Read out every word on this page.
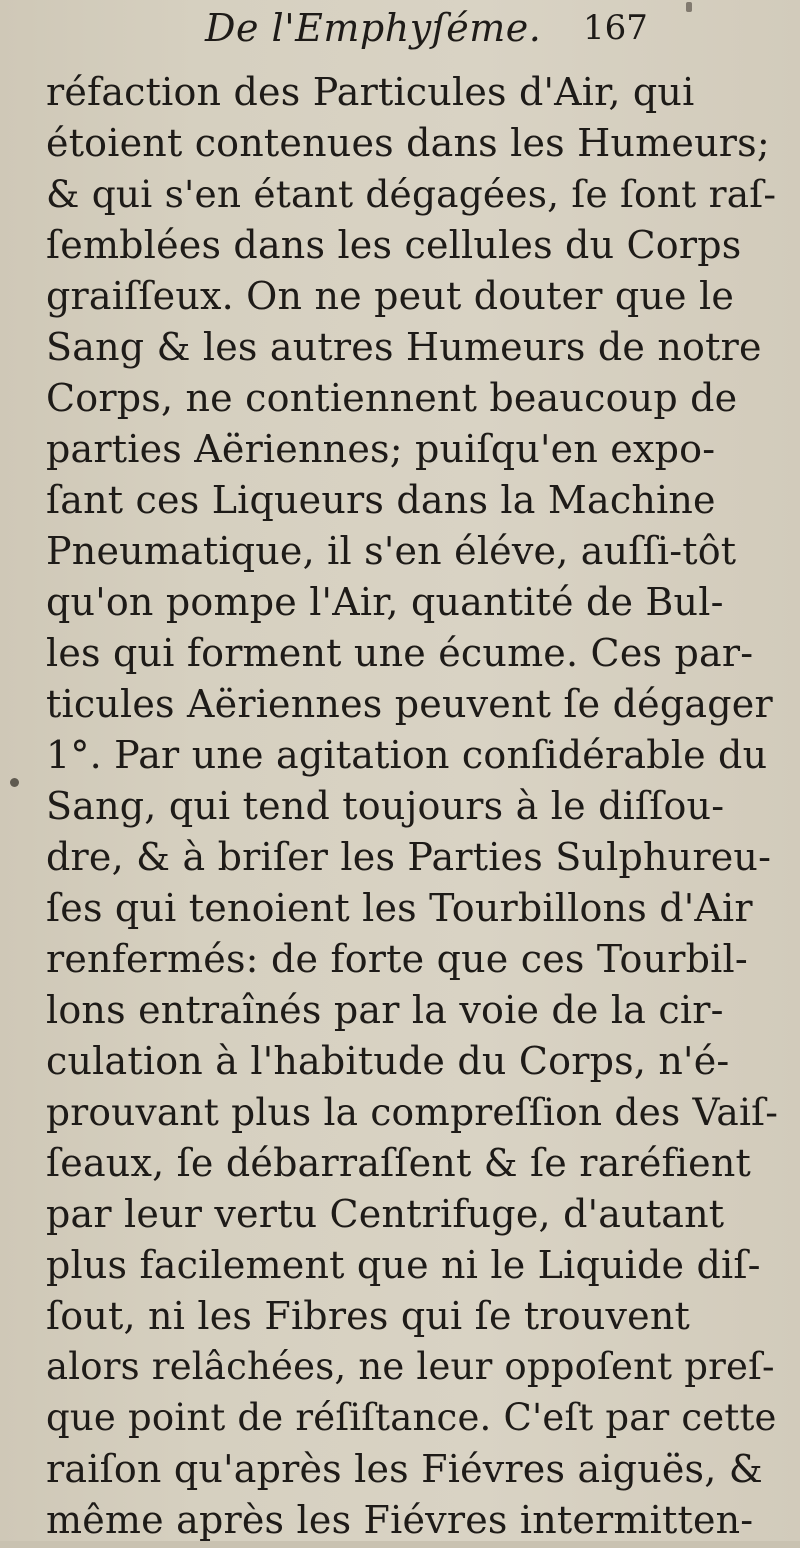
De l'Emphyſéme. 167
réfaction des Particules d'Air, qui
étoient contenues dans les Humeurs;
& qui s'en étant dégagées, ſe ſont raſ-
ſemblées dans les cellules du Corps
graiſſeux. On ne peut douter que le
Sang & les autres Humeurs de notre
Corps, ne contiennent beaucoup de
parties Aëriennes; puiſqu'en expo-
ſant ces Liqueurs dans la Machine
Pneumatique, il s'en éléve, auſſi-tôt
qu'on pompe l'Air, quantité de Bul-
les qui forment une écume. Ces par-
ticules Aëriennes peuvent ſe dégager
1°. Par une agitation conſidérable du
Sang, qui tend toujours à le diſſou-
dre, & à briſer les Parties Sulphureu-
ſes qui tenoient les Tourbillons d'Air
renfermés: de forte que ces Tourbil-
lons entraînés par la voie de la cir-
culation à l'habitude du Corps, n'é-
prouvant plus la compreſſion des Vaiſ-
ſeaux, ſe débarraſſent & ſe raréfient
par leur vertu Centrifuge, d'autant
plus facilement que ni le Liquide diſ-
ſout, ni les Fibres qui ſe trouvent
alors relâchées, ne leur oppoſent preſ-
que point de réſiſtance. C'eſt par cette
raiſon qu'après les Fiévres aiguës, &
même après les Fiévres intermitten-
